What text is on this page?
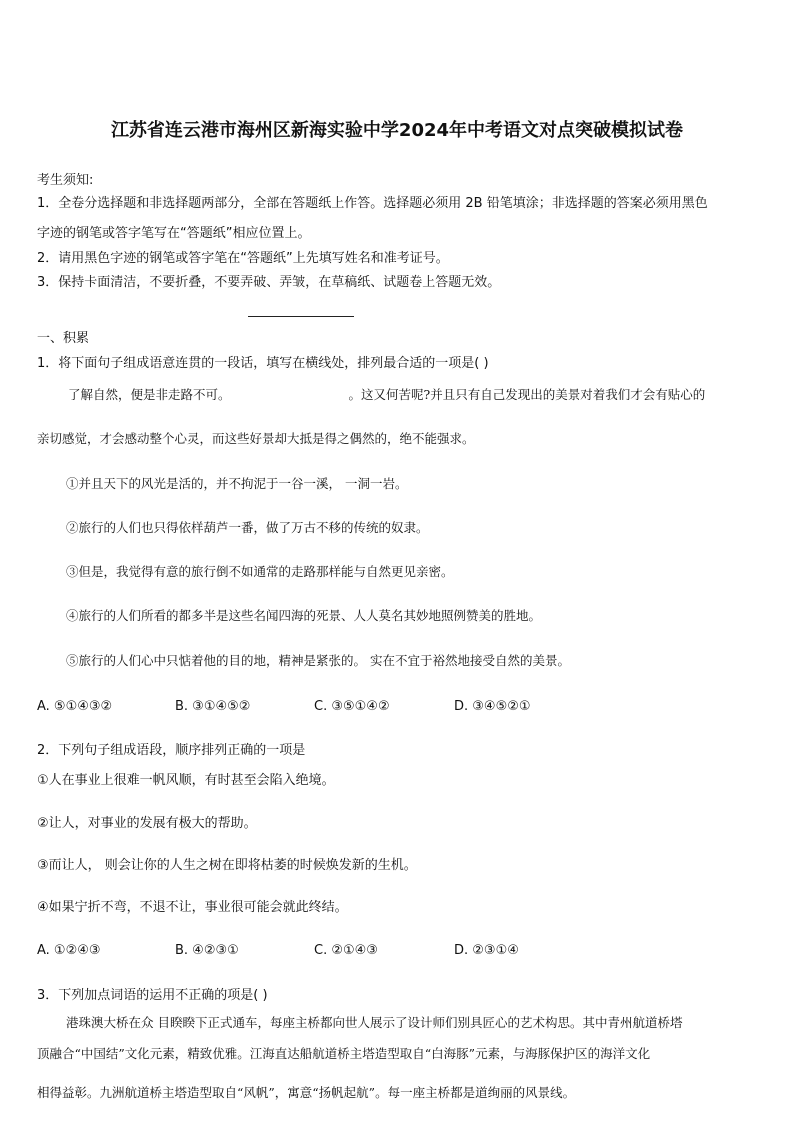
江苏省连云港市海州区新海实验中学2024年中考语文对点突破模拟试卷
考生须知:
1．全卷分选择题和非选择题两部分，全部在答题纸上作答。选择题必须用 2B 铅笔填涂；非选择题的答案必须用黑色
字迹的钢笔或答字笔写在“答题纸”相应位置上。
2．请用黑色字迹的钢笔或答字笔在“答题纸”上先填写姓名和准考证号。
3．保持卡面清洁，不要折叠，不要弄破、弄皱，在草稿纸、试题卷上答题无效。
一、积累
1．将下面句子组成语意连贯的一段话，填写在横线处，排列最合适的一项是( )
了解自然，便是非走路不可。	。这又何苦呢?并且只有自己发现出的美景对着我们才会有贴心的
亲切感觉，才会感动整个心灵，而这些好景却大抵是得之偶然的，绝不能强求。
①并且天下的风光是活的，并不拘泥于一谷一溪， 一洞一岩。
②旅行的人们也只得依样葫芦一番，做了万古不移的传统的奴隶。
③但是，我觉得有意的旅行倒不如通常的走路那样能与自然更见亲密。
④旅行的人们所看的都多半是这些名闻四海的死景、人人莫名其妙地照例赞美的胜地。
⑤旅行的人们心中只惦着他的目的地，精神是紧张的。 实在不宜于裕然地接受自然的美景。
A. ⑤①④③②	B. ③①④⑤②	C. ③⑤①④②	D. ③④⑤②①
2．下列句子组成语段，顺序排列正确的一项是
①人在事业上很难一帆风顺，有时甚至会陷入绝境。
②让人，对事业的发展有极大的帮助。
③而让人， 则会让你的人生之树在即将枯萎的时候焕发新的生机。
④如果宁折不弯，不退不让，事业很可能会就此终结。
A. ①②④③	B. ④②③①	C. ②①④③	D. ②③①④
3．下列加点词语的运用不正确的项是( )
港珠澳大桥在众 目睽睽下正式通车，每座主桥都向世人展示了设计师们别具匠心的艺术构思。其中青州航道桥塔
顶融合“中国结”文化元素，精致优雅。江海直达船航道桥主塔造型取自“白海豚”元素，与海豚保护区的海洋文化
相得益彰。九洲航道桥主塔造型取自“风帆”，寓意“扬帆起航”。每一座主桥都是道绚丽的风景线。
